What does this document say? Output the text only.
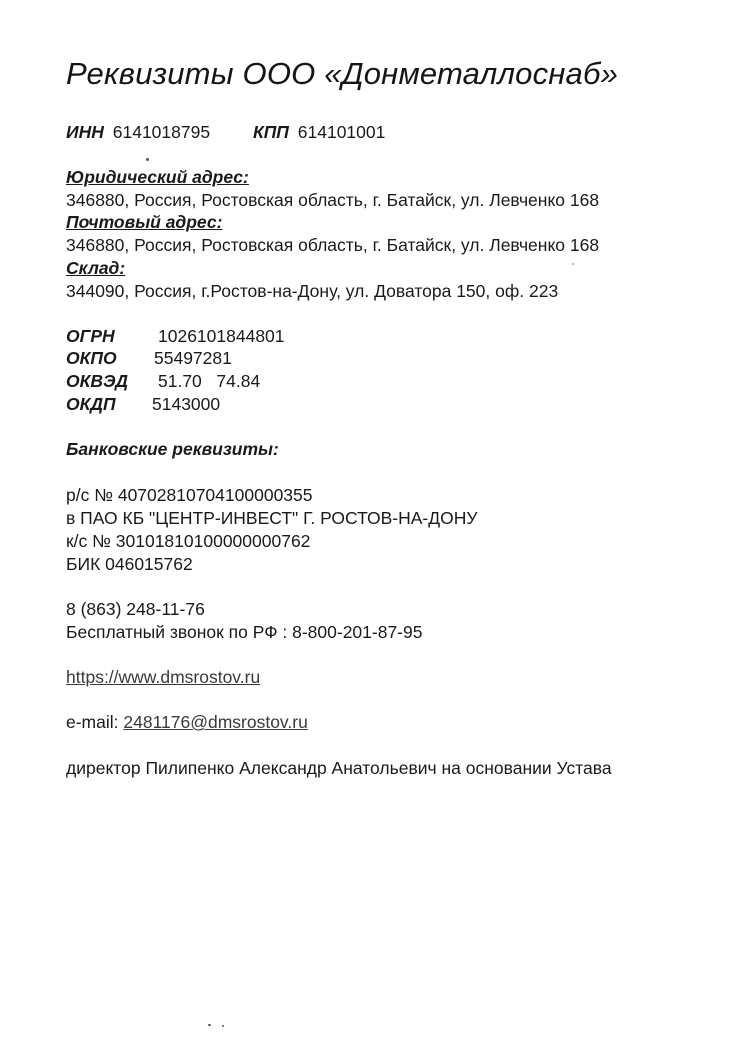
Реквизиты ООО «Донметаллоснаб»
ИНН 6141018795 КПП 614101001
Юридический адрес:
346880, Россия, Ростовская область, г. Батайск, ул. Левченко 168
Почтовый адрес:
346880, Россия, Ростовская область, г. Батайск, ул. Левченко 168
Склад:
344090, Россия, г.Ростов-на-Дону, ул. Доватора 150, оф. 223
ОГРН 1026101844801
ОКПО 55497281
ОКВЭД 51.70   74.84
ОКДП 5143000
Банковские реквизиты:
р/с № 40702810704100000355
в ПАО КБ "ЦЕНТР-ИНВЕСТ" Г. РОСТОВ-НА-ДОНУ
к/с № 30101810100000000762
БИК 046015762
8 (863) 248-11-76
Бесплатный звонок по РФ : 8-800-201-87-95
https://www.dmsrostov.ru
e-mail: 2481176@dmsrostov.ru
директор Пилипенко Александр Анатольевич на основании Устава
